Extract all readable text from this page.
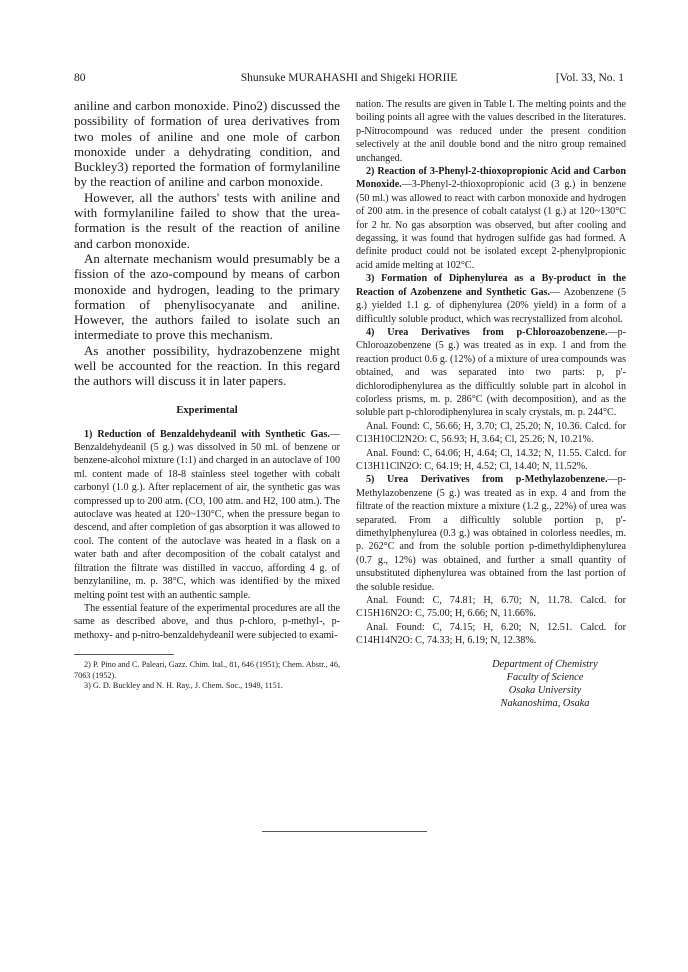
80	Shunsuke MURAHASHI and Shigeki HORIIE	[Vol. 33, No. 1

aniline and carbon monoxide. Pino2) discussed the possibility of formation of urea derivatives from two moles of aniline and one mole of carbon monoxide under a dehydrating condition, and Buckley3) reported the formation of formylaniline by the reaction of aniline and carbon monoxide.

However, all the authors' tests with aniline and with formylaniline failed to show that the urea-formation is the result of the reaction of aniline and carbon monoxide.

An alternate mechanism would presumably be a fission of the azo-compound by means of carbon monoxide and hydrogen, leading to the primary formation of phenylisocyanate and aniline. However, the authors failed to isolate such an intermediate to prove this mechanism.

As another possibility, hydrazobenzene might well be accounted for the reaction. In this regard the authors will discuss it in later papers.

Experimental

1) Reduction of Benzaldehydeanil with Synthetic Gas.— Benzaldehydeanil (5 g.) was dissolved in 50 ml. of benzene or benzene-alcohol mixture (1:1) and charged in an autoclave of 100 ml. content made of 18-8 stainless steel together with cobalt carbonyl (1.0 g.). After replacement of air, the synthetic gas was compressed up to 200 atm. (CO, 100 atm. and H2, 100 atm.). The autoclave was heated at 120~130°C, when the pressure began to descend, and after completion of gas absorption it was allowed to cool. The content of the autoclave was heated in a flask on a water bath and after decomposition of the cobalt catalyst and filtration the filtrate was distilled in vaccuo, affording 4 g. of benzylaniline, m. p. 38°C, which was identified by the mixed melting point test with an authentic sample.

The essential feature of the experimental procedures are all the same as described above, and thus p-chloro, p-methyl-, p-methoxy- and p-nitro-benzaldehydeanil were subjected to exami-

2) P. Pino and C. Paleari, Gazz. Chim. Ital., 81, 646 (1951); Chem. Abstr., 46, 7063 (1952).

3) G. D. Buckley and N. H. Ray., J. Chem. Soc., 1949, 1151.

nation. The results are given in Table I. The melting points and the boiling points all agree with the values described in the literatures. p-Nitrocompound was reduced under the present condition selectively at the anil double bond and the nitro group remained unchanged.

2) Reaction of 3-Phenyl-2-thioxopropionic Acid and Carbon Monoxide.—3-Phenyl-2-thioxopropionic acid (3 g.) in benzene (50 ml.) was allowed to react with carbon monoxide and hydrogen of 200 atm. in the presence of cobalt catalyst (1 g.) at 120~130°C for 2 hr. No gas absorption was observed, but after cooling and degassing, it was found that hydrogen sulfide gas had formed. A definite product could not be isolated except 2-phenylpropionic acid amide melting at 102°C.

3) Formation of Diphenylurea as a By-product in the Reaction of Azobenzene and Synthetic Gas.— Azobenzene (5 g.) yielded 1.1 g. of diphenylurea (20% yield) in a form of a difficultly soluble product, which was recrystallized from alcohol.

4) Urea Derivatives from p-Chloroazobenzene.—p-Chloroazobenzene (5 g.) was treated as in exp. 1 and from the reaction product 0.6 g. (12%) of a mixture of urea compounds was obtained, and was separated into two parts: p, p'-dichlorodiphenylurea as the difficultly soluble part in alcohol in colorless prisms, m. p. 286°C (with decomposition), and as the soluble part p-chlorodiphenylurea in scaly crystals, m. p. 244°C.

Anal. Found: C, 56.66; H, 3.70; Cl, 25.20; N, 10.36. Calcd. for C13H10Cl2N2O: C, 56.93; H, 3.64; Cl, 25.26; N, 10.21%.

Anal. Found: C, 64.06; H, 4.64; Cl, 14.32; N, 11.55. Calcd. for C13H11ClN2O: C, 64.19; H, 4.52; Cl, 14.40; N, 11.52%.

5) Urea Derivatives from p-Methylazobenzene.—p-Methylazobenzene (5 g.) was treated as in exp. 4 and from the filtrate of the reaction mixture a mixture (1.2 g., 22%) of urea was separated. From a difficultly soluble portion p, p'-dimethylphenylurea (0.3 g.) was obtained in colorless needles, m. p. 262°C and from the soluble portion p-dimethyldiphenylurea (0.7 g., 12%) was obtained, and further a small quantity of unsubstituted diphenylurea was obtained from the last portion of the soluble residue.

Anal. Found: C, 74.81; H, 6.70; N, 11.78. Calcd. for C15H16N2O: C, 75.00; H, 6.66; N, 11.66%.

Anal. Found: C, 74.15; H, 6.20; N, 12.51. Calcd. for C14H14N2O: C, 74.33; H, 6.19; N, 12.38%.

Department of Chemistry
Faculty of Science
Osaka University
Nakanoshima, Osaka
